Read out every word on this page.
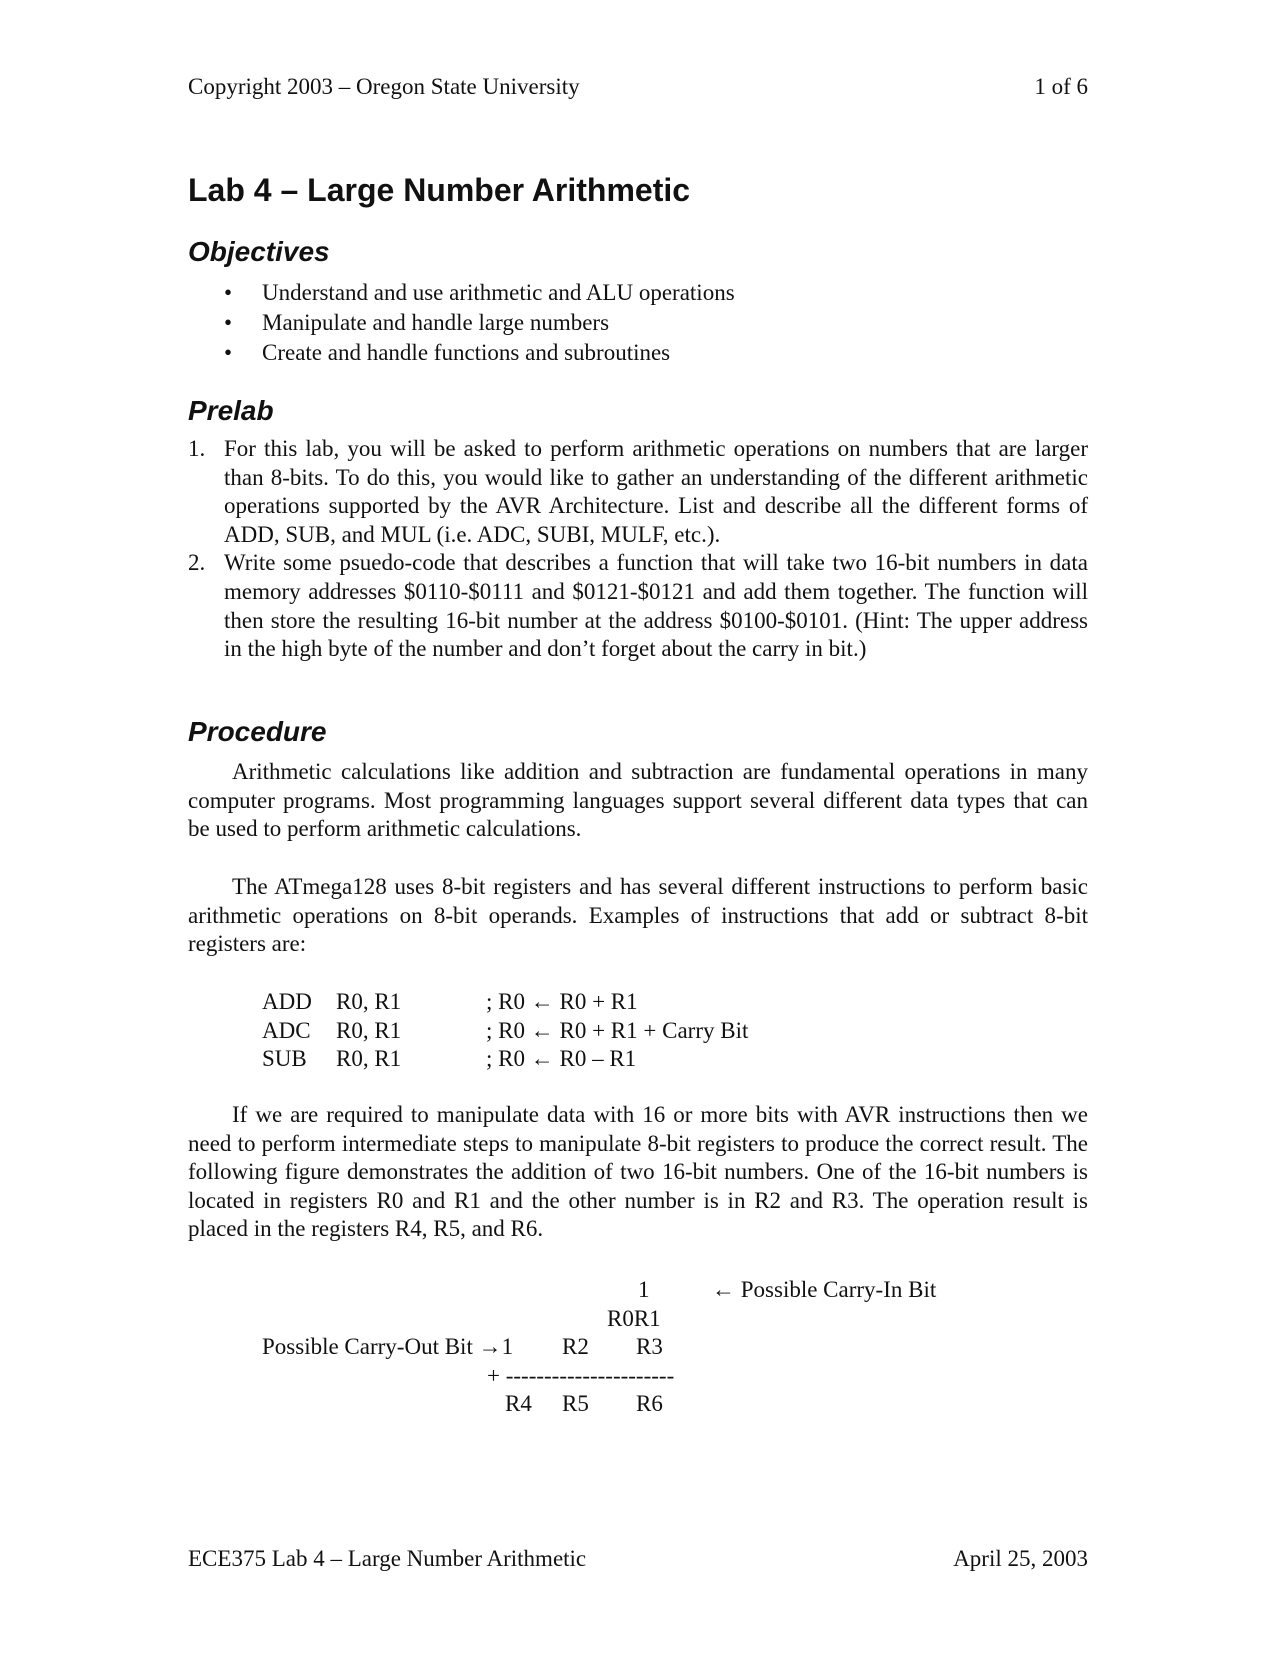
Copyright 2003 – Oregon State University	1 of 6
Lab 4 – Large Number Arithmetic
Objectives
• Understand and use arithmetic and ALU operations
• Manipulate and handle large numbers
• Create and handle functions and subroutines
Prelab
1. For this lab, you will be asked to perform arithmetic operations on numbers that are larger than 8-bits. To do this, you would like to gather an understanding of the different arithmetic operations supported by the AVR Architecture. List and describe all the different forms of ADD, SUB, and MUL (i.e. ADC, SUBI, MULF, etc.).
2. Write some psuedo-code that describes a function that will take two 16-bit numbers in data memory addresses $0110-$0111 and $0121-$0121 and add them together. The function will then store the resulting 16-bit number at the address $0100-$0101. (Hint: The upper address in the high byte of the number and don’t forget about the carry in bit.)
Procedure

Arithmetic calculations like addition and subtraction are fundamental operations in many computer programs. Most programming languages support several different data types that can be used to perform arithmetic calculations.

The ATmega128 uses 8-bit registers and has several different instructions to perform basic arithmetic operations on 8-bit operands. Examples of instructions that add or subtract 8-bit registers are:

ADD	R0, R1	; R0 ← R0 + R1
ADC	R0, R1	; R0 ← R0 + R1 + Carry Bit
SUB	R0, R1	; R0 ← R0 – R1

If we are required to manipulate data with 16 or more bits with AVR instructions then we need to perform intermediate steps to manipulate 8-bit registers to produce the correct result. The following figure demonstrates the addition of two 16-bit numbers. One of the 16-bit numbers is located in registers R0 and R1 and the other number is in R2 and R3. The operation result is placed in the registers R4, R5, and R6.

1	← Possible Carry-In Bit
R0R1
Possible Carry-Out Bit →1 R2 R3
+ ----------------------
R4 R5 R6
ECE375 Lab 4 – Large Number Arithmetic	April 25, 2003
